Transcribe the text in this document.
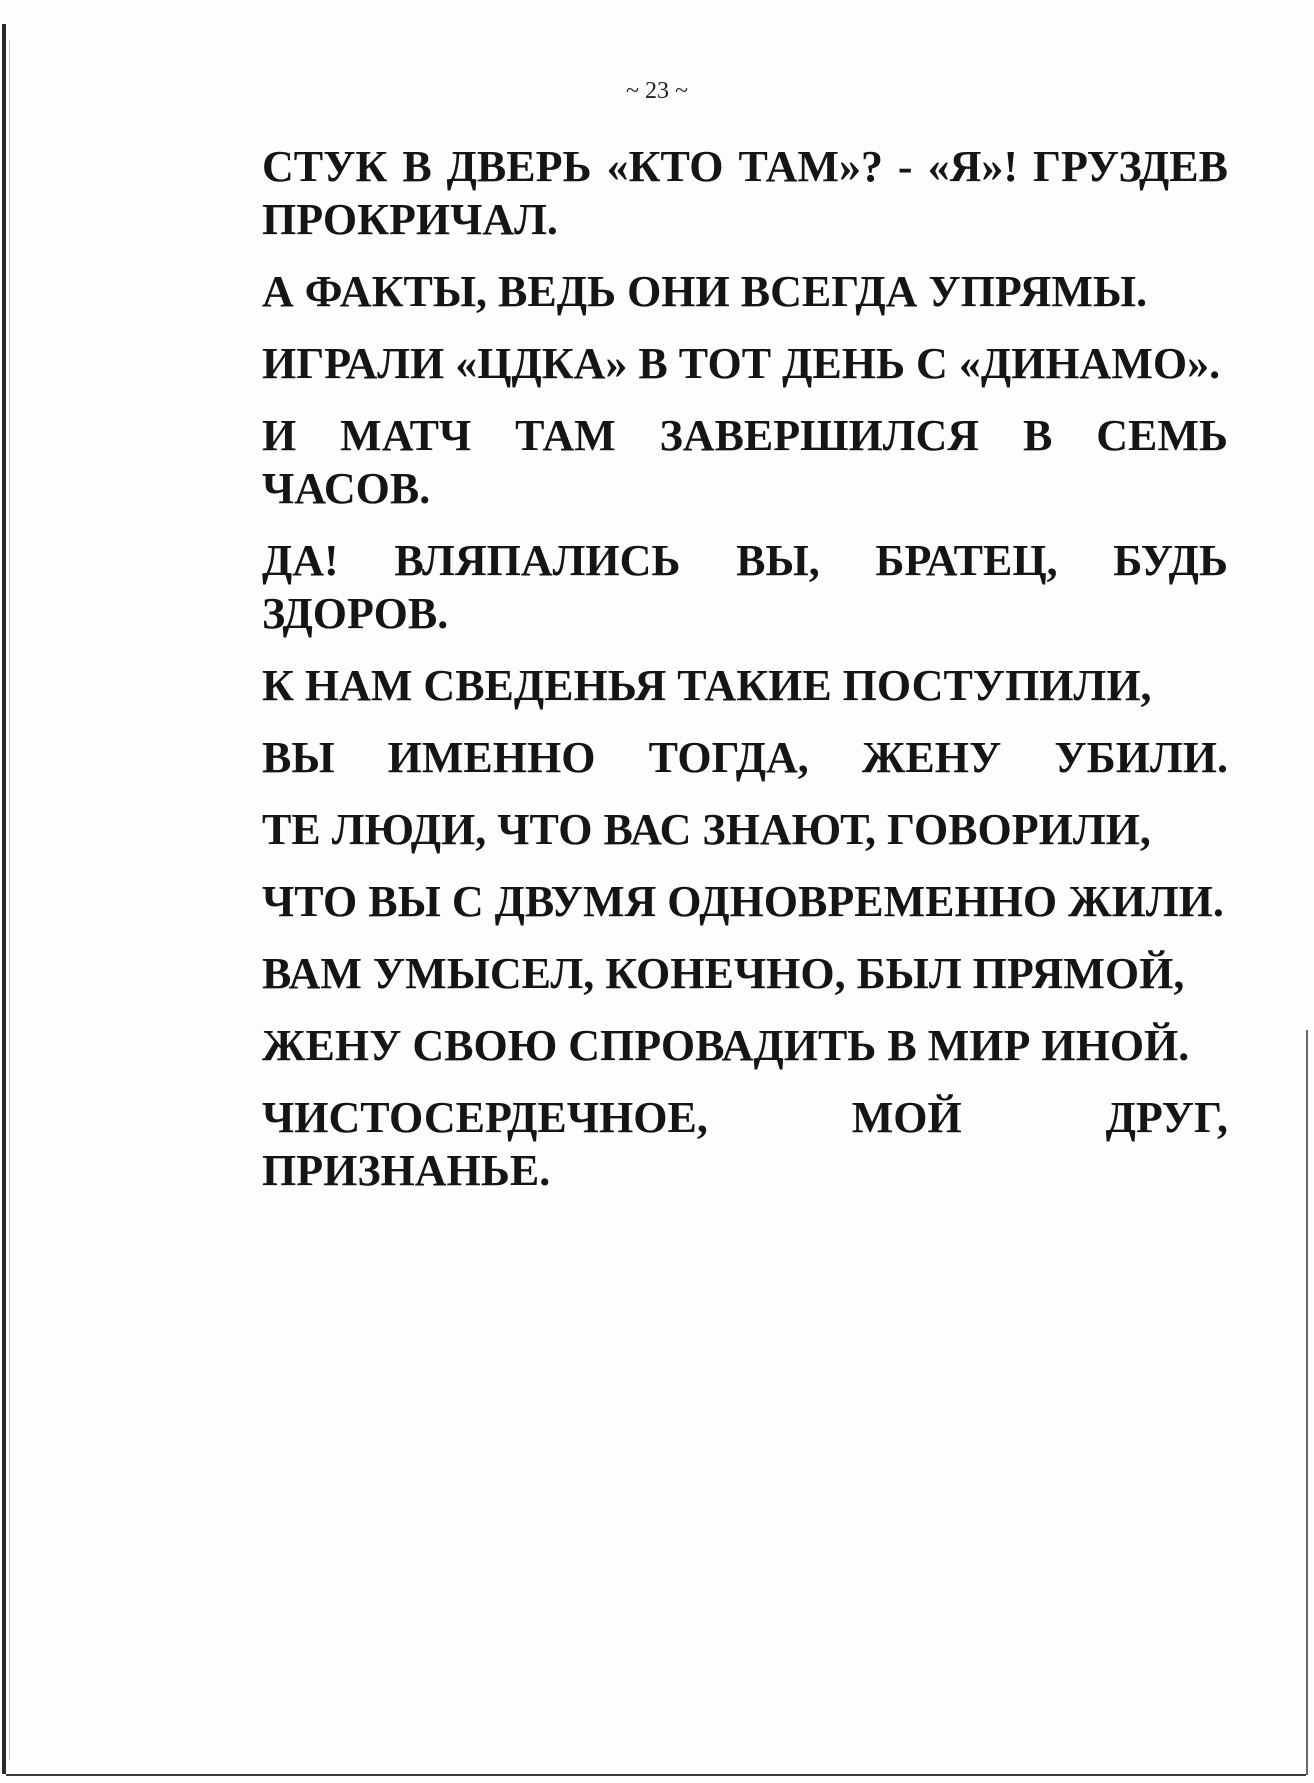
~ 23 ~

СТУК В ДВЕРЬ «КТО ТАМ»? - «Я»! ГРУЗДЕВ ПРОКРИЧАЛ.

А ФАКТЫ, ВЕДЬ ОНИ ВСЕГДА УПРЯМЫ.

ИГРАЛИ «ЦДКА» В ТОТ ДЕНЬ С «ДИНАМО».

И МАТЧ ТАМ ЗАВЕРШИЛСЯ В СЕМЬ ЧАСОВ.

ДА! ВЛЯПАЛИСЬ ВЫ, БРАТЕЦ, БУДЬ ЗДОРОВ.

К НАМ СВЕДЕНЬЯ ТАКИЕ ПОСТУПИЛИ,

ВЫ ИМЕННО ТОГДА, ЖЕНУ УБИЛИ.

ТЕ ЛЮДИ, ЧТО ВАС ЗНАЮТ, ГОВОРИЛИ,

ЧТО ВЫ С ДВУМЯ ОДНОВРЕМЕННО ЖИЛИ.

ВАМ УМЫСЕЛ, КОНЕЧНО, БЫЛ ПРЯМОЙ,

ЖЕНУ СВОЮ СПРОВАДИТЬ В МИР ИНОЙ.

ЧИСТОСЕРДЕЧНОЕ, МОЙ ДРУГ, ПРИЗНАНЬЕ.
